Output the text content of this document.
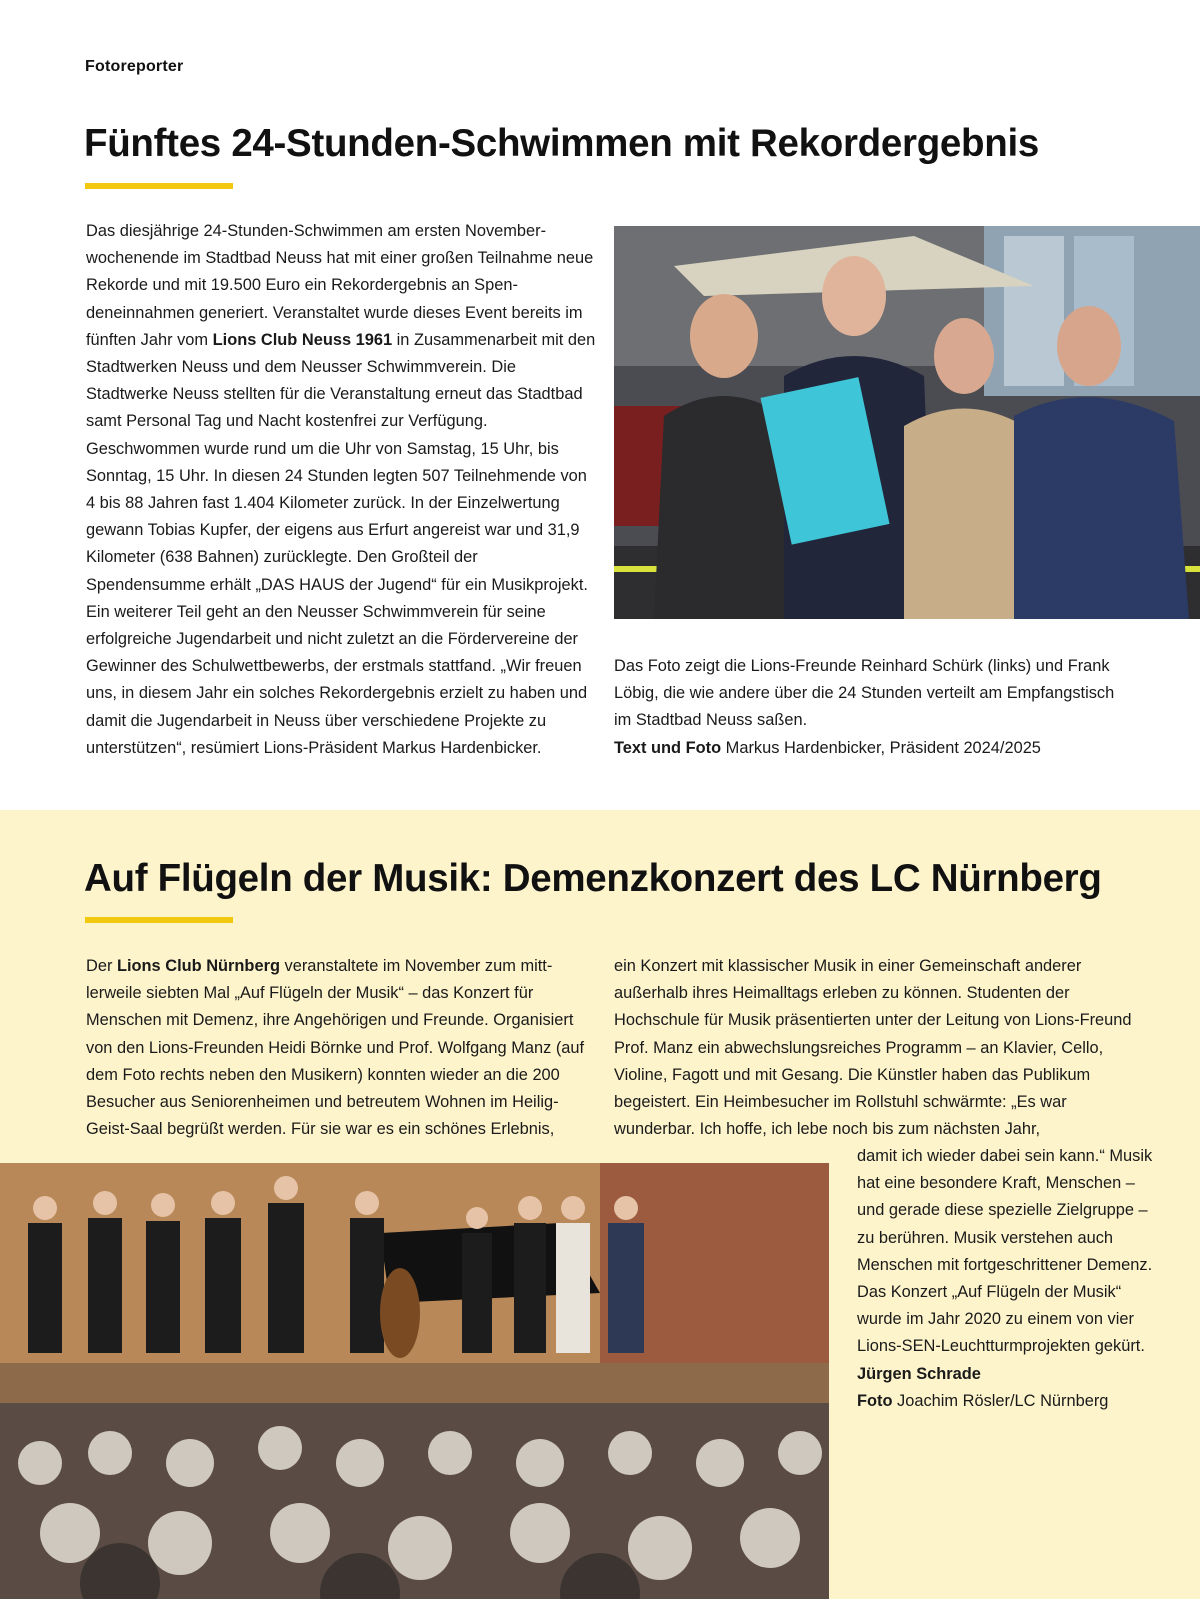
Fotoreporter
Fünftes 24-Stunden-Schwimmen mit Rekordergebnis

Das diesjährige 24-Stunden-Schwimmen am ersten Novemberwochenende im Stadtbad Neuss hat mit einer großen Teilnahme neue Rekorde und mit 19.500 Euro ein Rekordergebnis an Spendeneinnahmen generiert. Veranstaltet wurde dieses Event bereits im fünften Jahr vom Lions Club Neuss 1961 in Zusammenarbeit mit den Stadtwerken Neuss und dem Neusser Schwimmverein. Die Stadtwerke Neuss stellten für die Veranstaltung erneut das Stadtbad samt Personal Tag und Nacht kostenfrei zur Verfügung. Geschwommen wurde rund um die Uhr von Samstag, 15 Uhr, bis Sonntag, 15 Uhr. In diesen 24 Stunden legten 507 Teilnehmende von 4 bis 88 Jahren fast 1.404 Kilometer zurück. In der Einzelwertung gewann Tobias Kupfer, der eigens aus Erfurt angereist war und 31,9 Kilometer (638 Bahnen) zurücklegte. Den Großteil der Spendensumme erhält „DAS HAUS der Jugend“ für ein Musikprojekt. Ein weiterer Teil geht an den Neusser Schwimmverein für seine erfolgreiche Jugendarbeit und nicht zuletzt an die Fördervereine der Gewinner des Schulwettbewerbs, der erstmals stattfand. „Wir freuen uns, in diesem Jahr ein solches Rekordergebnis erzielt zu haben und damit die Jugendarbeit in Neuss über verschiedene Projekte zu unterstützen“, resümiert Lions-Präsident Markus Hardenbicker.

Das Foto zeigt die Lions-Freunde Reinhard Schürk (links) und Frank Löbig, die wie andere über die 24 Stunden verteilt am Empfangstisch im Stadtbad Neuss saßen.
Text und Foto Markus Hardenbicker, Präsident 2024/2025

Auf Flügeln der Musik: Demenzkonzert des LC Nürnberg

Der Lions Club Nürnberg veranstaltete im November zum mittlerweile siebten Mal „Auf Flügeln der Musik“ – das Konzert für Menschen mit Demenz, ihre Angehörigen und Freunde. Organisiert von den Lions-Freunden Heidi Börnke und Prof. Wolfgang Manz (auf dem Foto rechts neben den Musikern) konnten wieder an die 200 Besucher aus Seniorenheimen und betreutem Wohnen im Heilig-Geist-Saal begrüßt werden. Für sie war es ein schönes Erlebnis,

ein Konzert mit klassischer Musik in einer Gemeinschaft anderer außerhalb ihres Heimalltags erleben zu können. Studenten der Hochschule für Musik präsentierten unter der Leitung von Lions-Freund Prof. Manz ein abwechslungsreiches Programm – an Klavier, Cello, Violine, Fagott und mit Gesang. Die Künstler haben das Publikum begeistert. Ein Heimbesucher im Rollstuhl schwärmte: „Es war wunderbar. Ich hoffe, ich lebe noch bis zum nächsten Jahr,

damit ich wieder dabei sein kann.“ Musik hat eine besondere Kraft, Menschen – und gerade diese spezielle Zielgruppe – zu berühren. Musik verstehen auch Menschen mit fortgeschrittener Demenz. Das Konzert „Auf Flügeln der Musik“ wurde im Jahr 2020 zu einem von vier Lions-SEN-Leuchtturmprojekten gekürt.
Jürgen Schrade
Foto Joachim Rösler/LC Nürnberg
